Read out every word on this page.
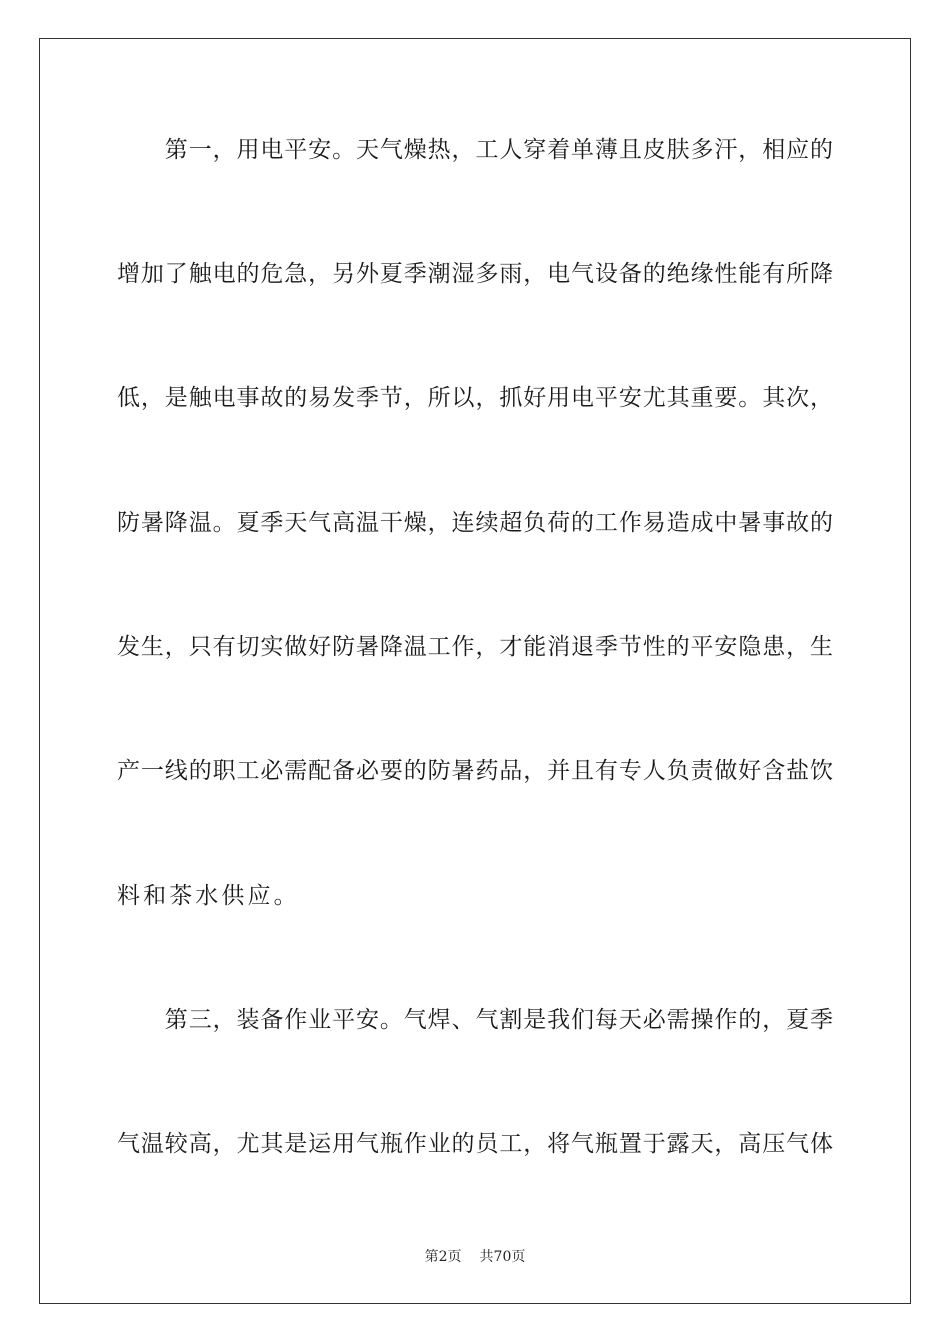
　　第一，用电平安。天气燥热，工人穿着单薄且皮肤多汗，相应的
增加了触电的危急，另外夏季潮湿多雨，电气设备的绝缘性能有所降
低，是触电事故的易发季节，所以，抓好用电平安尤其重要。其次，
防暑降温。夏季天气高温干燥，连续超负荷的工作易造成中暑事故的
发生，只有切实做好防暑降温工作，才能消退季节性的平安隐患，生
产一线的职工必需配备必要的防暑药品，并且有专人负责做好含盐饮
料和茶水供应。
　　第三，装备作业平安。气焊、气割是我们每天必需操作的，夏季
气温较高，尤其是运用气瓶作业的员工，将气瓶置于露天，高压气体
第2页 共70页
